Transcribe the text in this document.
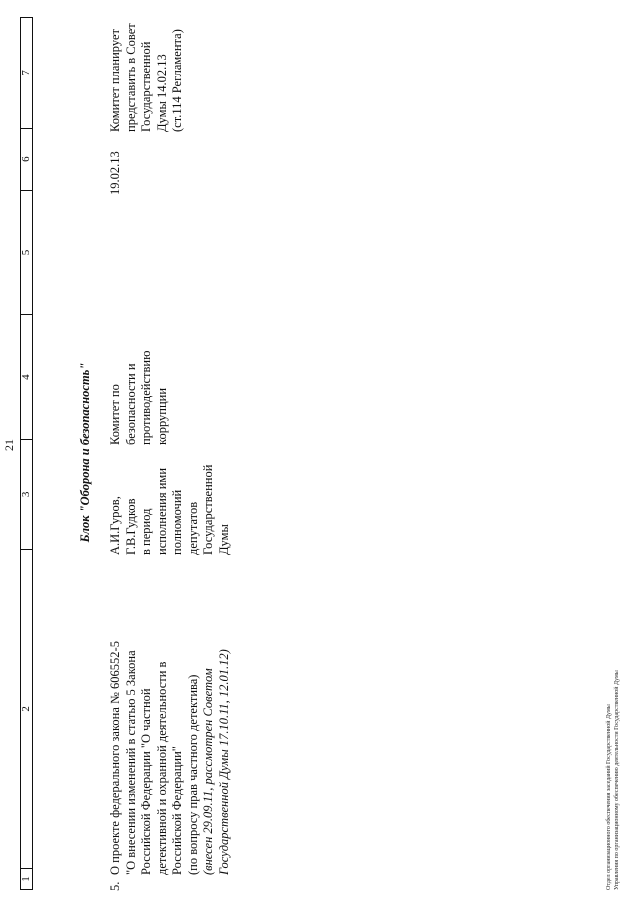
21
1
2
3
4
5
6
7
Блок "Оборона и безопасность"
5.
О проекте федерального закона № 606552-5 "О внесении изменений в статью 5 Закона Российской Федерации "О частной детективной и охранной деятельности в Российской Федерации" (по вопросу прав частного детектива) (внесен 29.09.11, рассмотрен Советом Государственной Думы 17.10.11, 12.01.12)
А.И.Гуров, Г.В.Гудков в период исполнения ими полномочий депутатов Государственной Думы
Комитет по безопасности и противодействию коррупции
19.02.13
Комитет планирует представить в Совет Государственной Думы 14.02.13 (ст.114 Регламента)
Отдел организационного обеспечения заседаний Государственной Думы Управления по организационному обеспечению деятельности Государственной Думы
